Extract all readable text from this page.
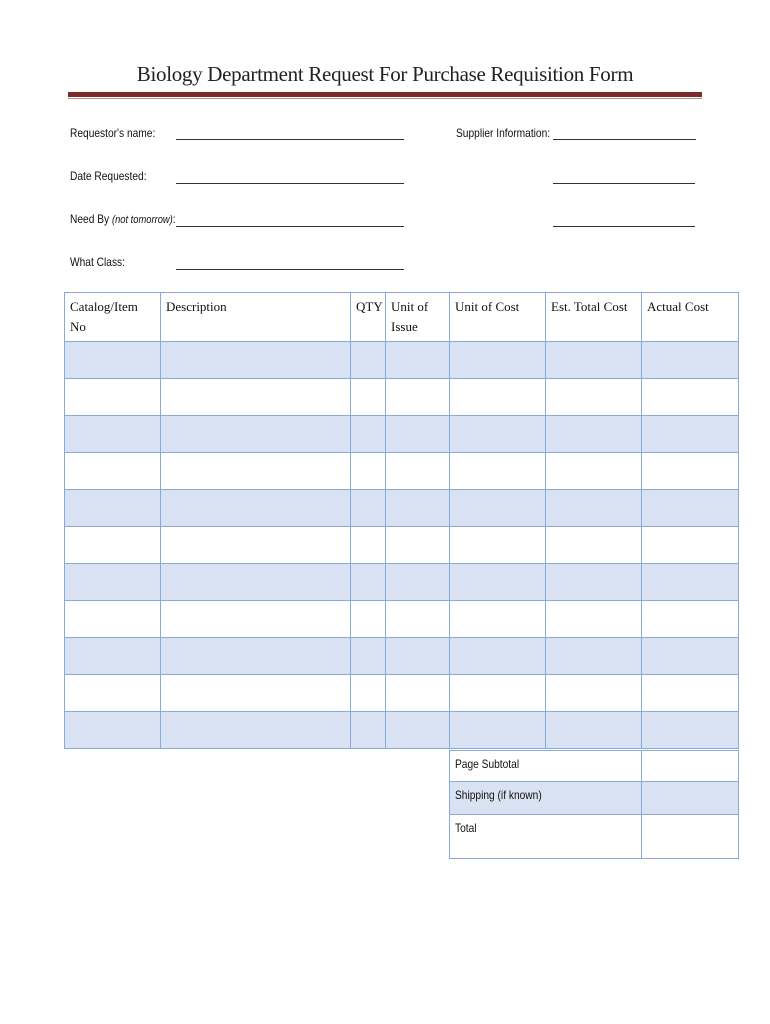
Biology Department Request For Purchase Requisition Form
Requestor's name:
Date Requested:
Need By (not tomorrow):
What Class:
Supplier Information:
Catalog/Item No	Description	QTY	Unit of Issue	Unit of Cost	Est. Total Cost	Actual Cost

Page Subtotal	
Shipping (if known)	
Total	
